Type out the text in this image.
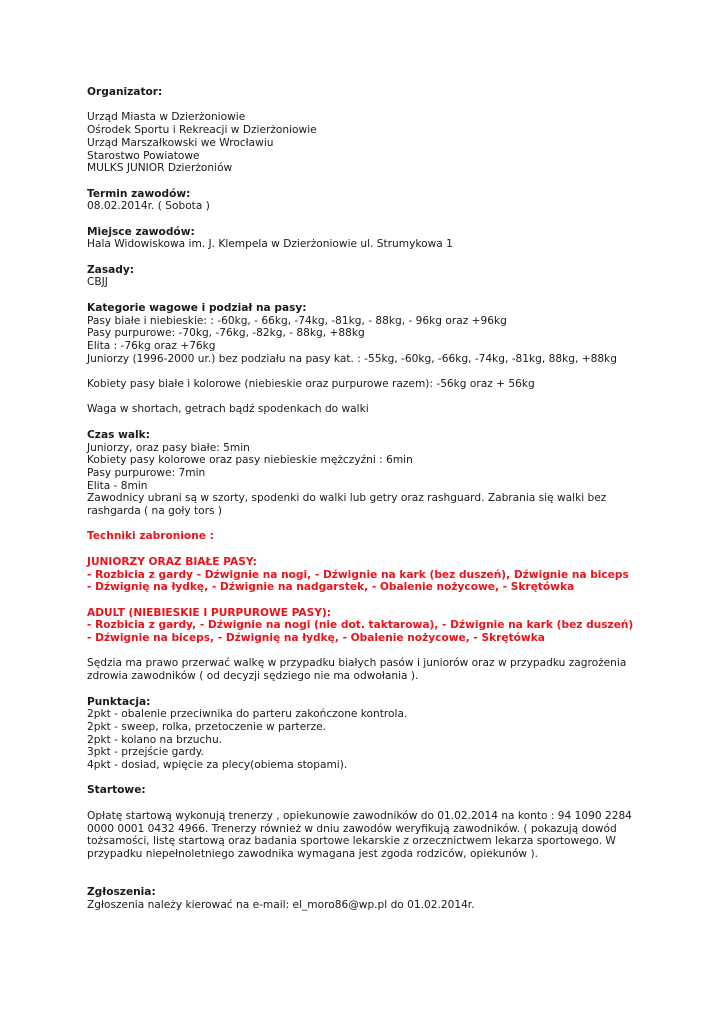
Organizator:
Urząd Miasta w Dzierżoniowie
Ośrodek Sportu i Rekreacji w Dzierżoniowie
Urząd Marszałkowski we Wrocławiu
Starostwo Powiatowe
MULKS JUNIOR Dzierżoniów
Termin zawodów:
08.02.2014r. ( Sobota )
Miejsce zawodów:
Hala Widowiskowa im. J. Klempela w Dzierżoniowie ul. Strumykowa 1
Zasady:
CBJJ
Kategorie wagowe i podział na pasy:
Pasy białe i niebieskie: : -60kg, - 66kg, -74kg, -81kg, - 88kg, - 96kg oraz +96kg
Pasy purpurowe: -70kg, -76kg, -82kg, - 88kg, +88kg
Elita : -76kg oraz +76kg
Juniorzy (1996-2000 ur.) bez podziału na pasy kat. : -55kg, -60kg, -66kg, -74kg, -81kg, 88kg, +88kg
Kobiety pasy białe i kolorowe (niebieskie oraz purpurowe razem): -56kg oraz + 56kg
Waga w shortach, getrach bądź spodenkach do walki
Czas walk:
Juniorzy, oraz pasy białe: 5min
Kobiety pasy kolorowe oraz pasy niebieskie mężczyźni : 6min
Pasy purpurowe: 7min
Elita - 8min
Zawodnicy ubrani są w szorty, spodenki do walki lub getry oraz rashguard. Zabrania się walki bez
rashgarda ( na goły tors )
Techniki zabronione :
JUNIORZY ORAZ BIAŁE PASY:
- Rozbicia z gardy - Dźwignie na nogi, - Dźwignie na kark (bez duszeń), Dźwignie na biceps
- Dźwignię na łydkę, - Dźwignie na nadgarstek, - Obalenie nożycowe, - Skrętówka
ADULT (NIEBIESKIE I PURPUROWE PASY):
- Rozbicia z gardy, - Dźwignie na nogi (nie dot. taktarowa), - Dźwignie na kark (bez duszeń)
- Dźwignie na biceps, - Dźwignię na łydkę, - Obalenie nożycowe, - Skrętówka
Sędzia ma prawo przerwać walkę w przypadku białych pasów i juniorów oraz w przypadku zagrożenia
zdrowia zawodników ( od decyzji sędziego nie ma odwołania ).
Punktacja:
2pkt - obalenie przeciwnika do parteru zakończone kontrola.
2pkt - sweep, rolka, przetoczenie w parterze.
2pkt - kolano na brzuchu.
3pkt - przejście gardy.
4pkt - dosiad, wpięcie za plecy(obiema stopami).
Startowe:
Opłatę startową wykonują trenerzy , opiekunowie zawodników do 01.02.2014 na konto : 94 1090 2284
0000 0001 0432 4966. Trenerzy również w dniu zawodów weryfikują zawodników. ( pokazują dowód
tożsamości, listę startową oraz badania sportowe lekarskie z orzecznictwem lekarza sportowego. W
przypadku niepełnoletniego zawodnika wymagana jest zgoda rodziców, opiekunów ).
Zgłoszenia:
Zgłoszenia należy kierować na e-mail: el_moro86@wp.pl do 01.02.2014r.
